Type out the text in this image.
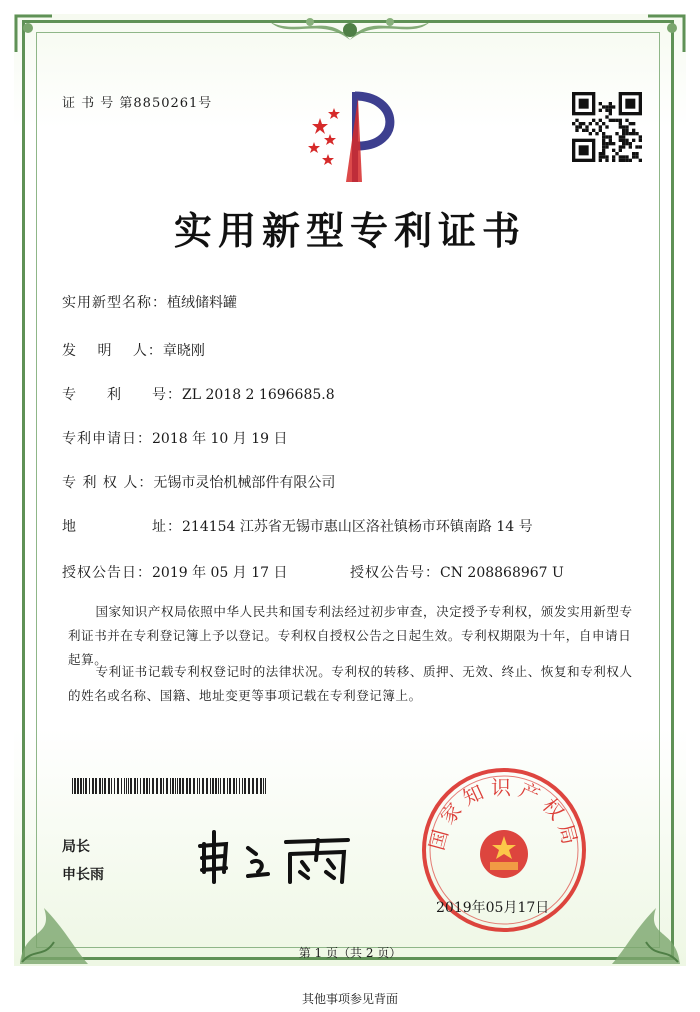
证 书 号 第8850261号
实用新型专利证书
实用新型名称：植绒储料罐
发　 明　 人：章晓刚
专　　利　　号：ZL 2018 2 1696685.8
专利申请日：2018 年 10 月 19 日
专 利 权 人：无锡市灵怡机械部件有限公司
地　　　　　址：214154 江苏省无锡市惠山区洛社镇杨市环镇南路 14 号
授权公告日：2019 年 05 月 17 日	授权公告号：CN 208868967 U
国家知识产权局依照中华人民共和国专利法经过初步审查，决定授予专利权，颁发实用新型专利证书并在专利登记簿上予以登记。专利权自授权公告之日起生效。专利权期限为十年，自申请日起算。
专利证书记载专利权登记时的法律状况。专利权的转移、质押、无效、终止、恢复和专利权人的姓名或名称、国籍、地址变更等事项记载在专利登记簿上。
局长
申长雨
国家知识产权局
2019年05月17日
第 1 页（共 2 页）
其他事项参见背面
